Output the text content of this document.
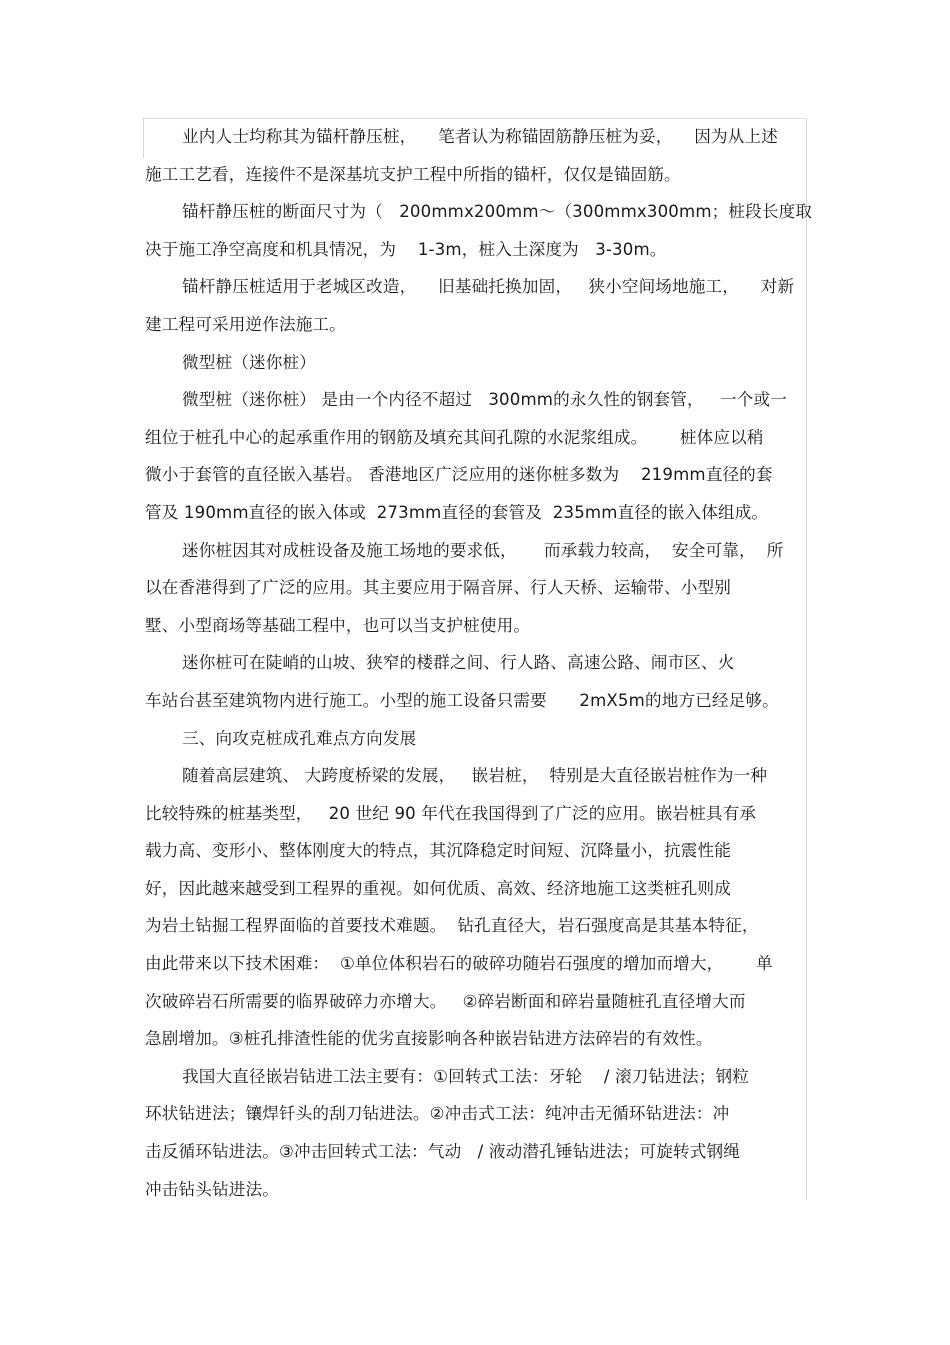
业内人士均称其为锚杆静压桩，    笔者认为称锚固筋静压桩为妥，    因为从上述
施工工艺看，连接件不是深基坑支护工程中所指的锚杆，仅仅是锚固筋。
锚杆静压桩的断面尺寸为（   200mmx200mm～（300mmx300mm；桩段长度取
决于施工净空高度和机具情况，为    1-3m，桩入土深度为   3-30m。
锚杆静压桩适用于老城区改造，    旧基础托换加固，   狭小空间场地施工，    对新
建工程可采用逆作法施工。
微型桩（迷你桩）
微型桩（迷你桩） 是由一个内径不超过   300mm的永久性的钢套管，   一个或一
组位于桩孔中心的起承重作用的钢筋及填充其间孔隙的水泥浆组成。      桩体应以稍
微小于套管的直径嵌入基岩。 香港地区广泛应用的迷你桩多数为    219mm直径的套
管及 190mm直径的嵌入体或  273mm直径的套管及  235mm直径的嵌入体组成。
迷你桩因其对成桩设备及施工场地的要求低，     而承载力较高，  安全可靠，  所
以在香港得到了广泛的应用。其主要应用于隔音屏、行人天桥、运输带、小型别
墅、小型商场等基础工程中，也可以当支护桩使用。
迷你桩可在陡峭的山坡、狭窄的楼群之间、行人路、高速公路、闹市区、火
车站台甚至建筑物内进行施工。小型的施工设备只需要      2mX5m的地方已经足够。
三、向攻克桩成孔难点方向发展
随着高层建筑、 大跨度桥梁的发展，   嵌岩桩，  特别是大直径嵌岩桩作为一种
比较特殊的桩基类型，   20 世纪 90 年代在我国得到了广泛的应用。嵌岩桩具有承
载力高、变形小、整体刚度大的特点，其沉降稳定时间短、沉降量小，抗震性能
好，因此越来越受到工程界的重视。如何优质、高效、经济地施工这类桩孔则成
为岩土钻掘工程界面临的首要技术难题。  钻孔直径大，岩石强度高是其基本特征，
由此带来以下技术困难：  ①单位体积岩石的破碎功随岩石强度的增加而增大，      单
次破碎岩石所需要的临界破碎力亦增大。   ②碎岩断面和碎岩量随桩孔直径增大而
急剧增加。③桩孔排渣性能的优劣直接影响各种嵌岩钻进方法碎岩的有效性。
我国大直径嵌岩钻进工法主要有：①回转式工法：牙轮    / 滚刀钻进法；钢粒
环状钻进法；镶焊钎头的刮刀钻进法。②冲击式工法：纯冲击无循环钻进法：冲
击反循环钻进法。③冲击回转式工法：气动   / 液动潜孔锤钻进法；可旋转式钢绳
冲击钻头钻进法。
